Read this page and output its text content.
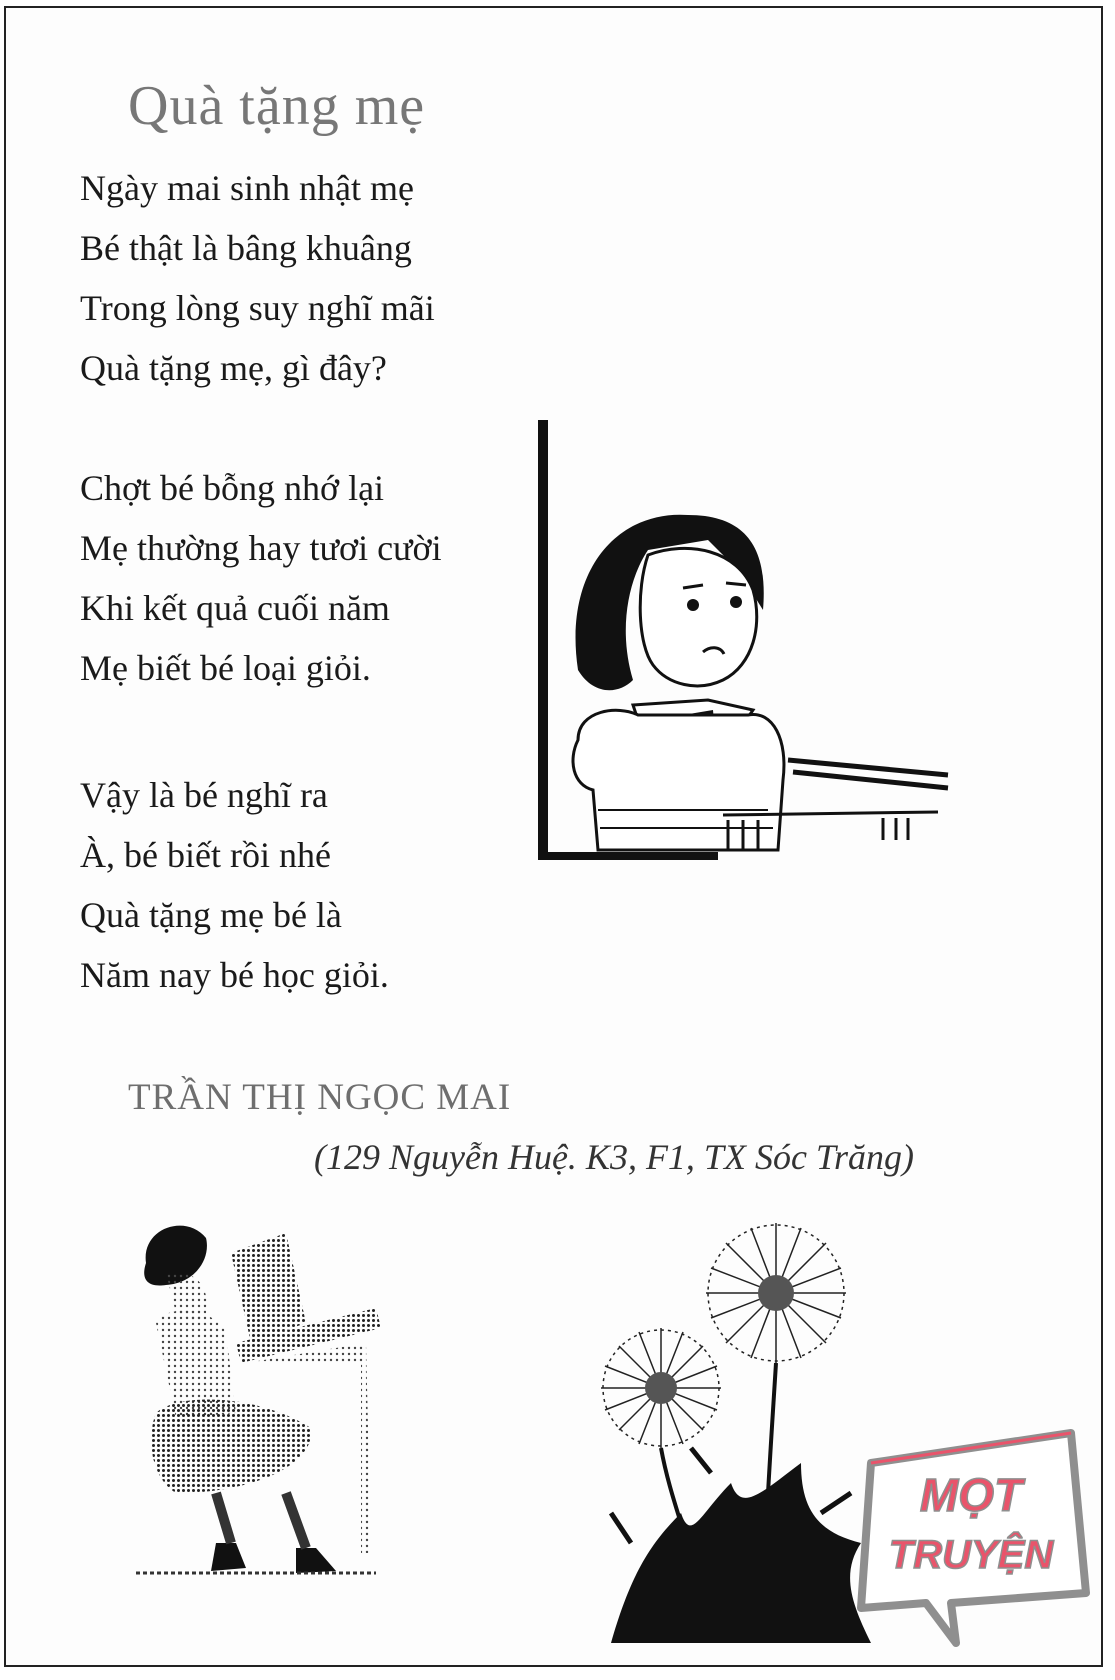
Quà tặng mẹ
Ngày mai sinh nhật mẹ
Bé thật là bâng khuâng
Trong lòng suy nghĩ mãi
Quà tặng mẹ, gì đây?
Chợt bé bỗng nhớ lại
Mẹ thường hay tươi cười
Khi kết quả cuối năm
Mẹ biết bé loại giỏi.
Vậy là bé nghĩ ra
À, bé biết rồi nhé
Quà tặng mẹ bé là
Năm nay bé học giỏi.
TRẦN THỊ NGỌC MAI
(129 Nguyễn Huệ. K3, F1, TX Sóc Trăng)
MỌT
TRUYỆN
